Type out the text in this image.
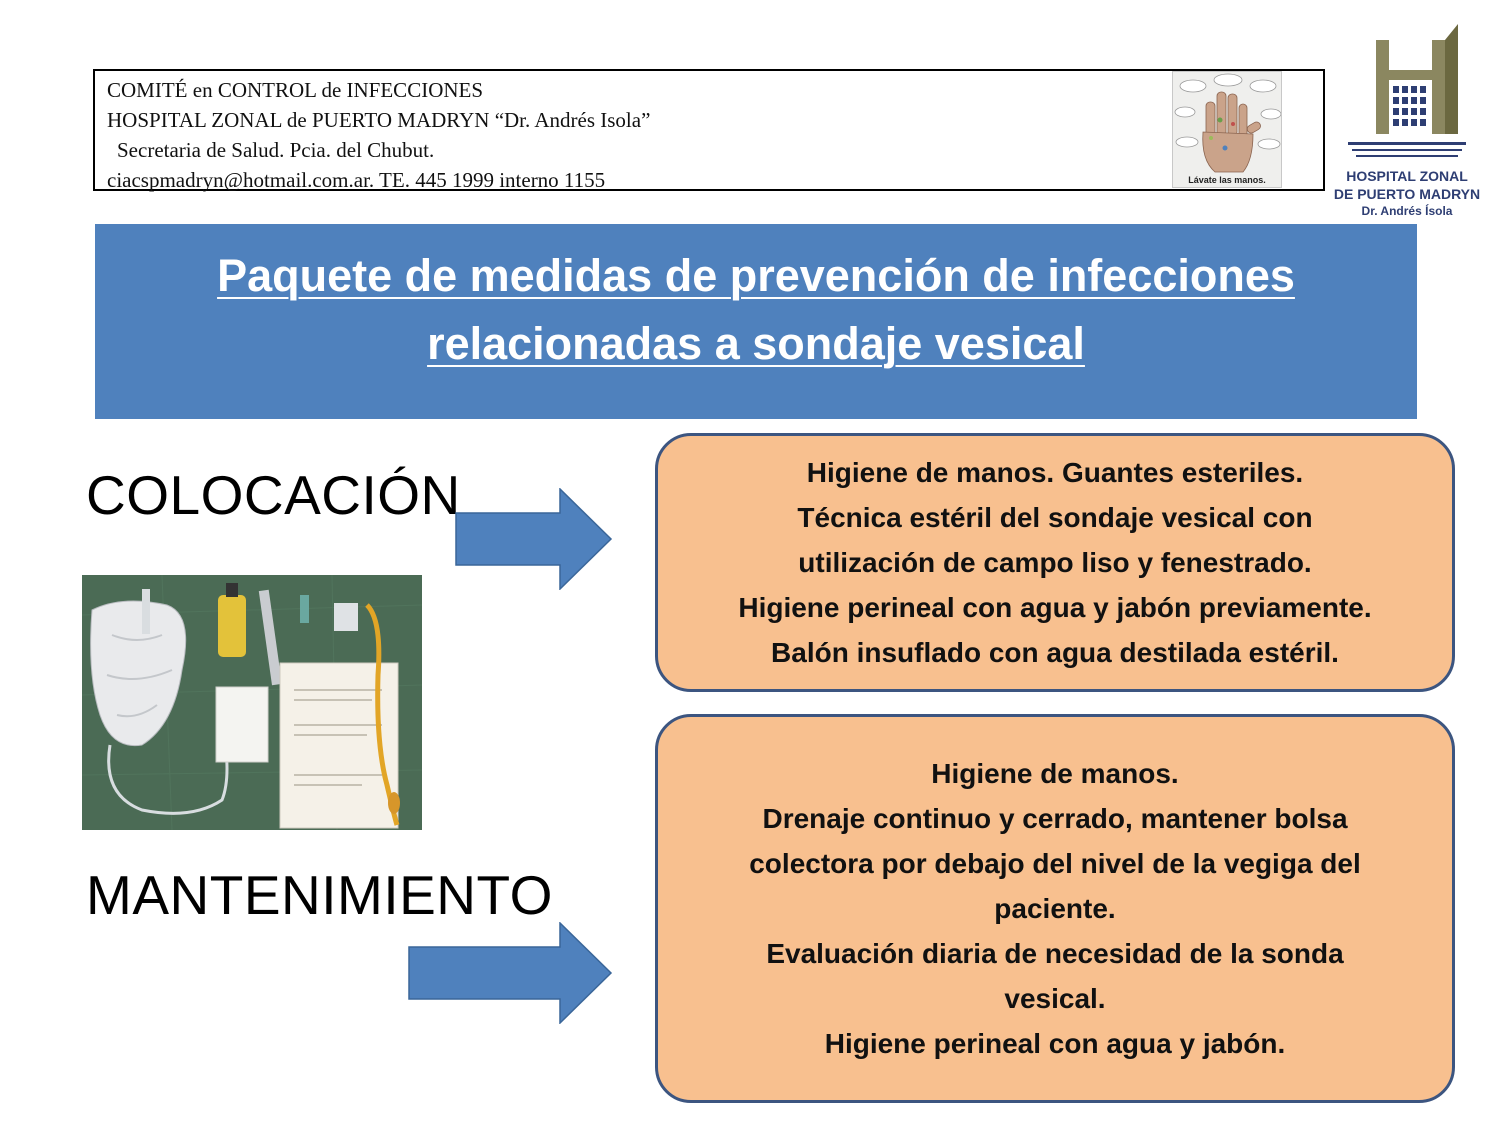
COMITÉ en CONTROL de INFECCIONES
HOSPITAL ZONAL de PUERTO MADRYN “Dr. Andrés Isola”
Secretaria de Salud. Pcia. del Chubut.
ciacspmadryn@hotmail.com.ar. TE. 445 1999 interno 1155	Lávate las manos.	HOSPITAL ZONAL
DE PUERTO MADRYN
Dr. Andrés Ísola
Paquete de medidas de prevención de infecciones
relacionadas a sondaje vesical
COLOCACIÓN
MANTENIMIENTO
Higiene de manos. Guantes esteriles.
Técnica estéril del sondaje vesical con
utilización de campo liso y fenestrado.
Higiene perineal con agua y jabón previamente.
Balón insuflado con agua destilada estéril.
Higiene de manos.
Drenaje continuo y cerrado, mantener bolsa
colectora por debajo del nivel de la vegiga del
paciente.
Evaluación diaria de necesidad de la sonda
vesical.
Higiene perineal con agua y jabón.
